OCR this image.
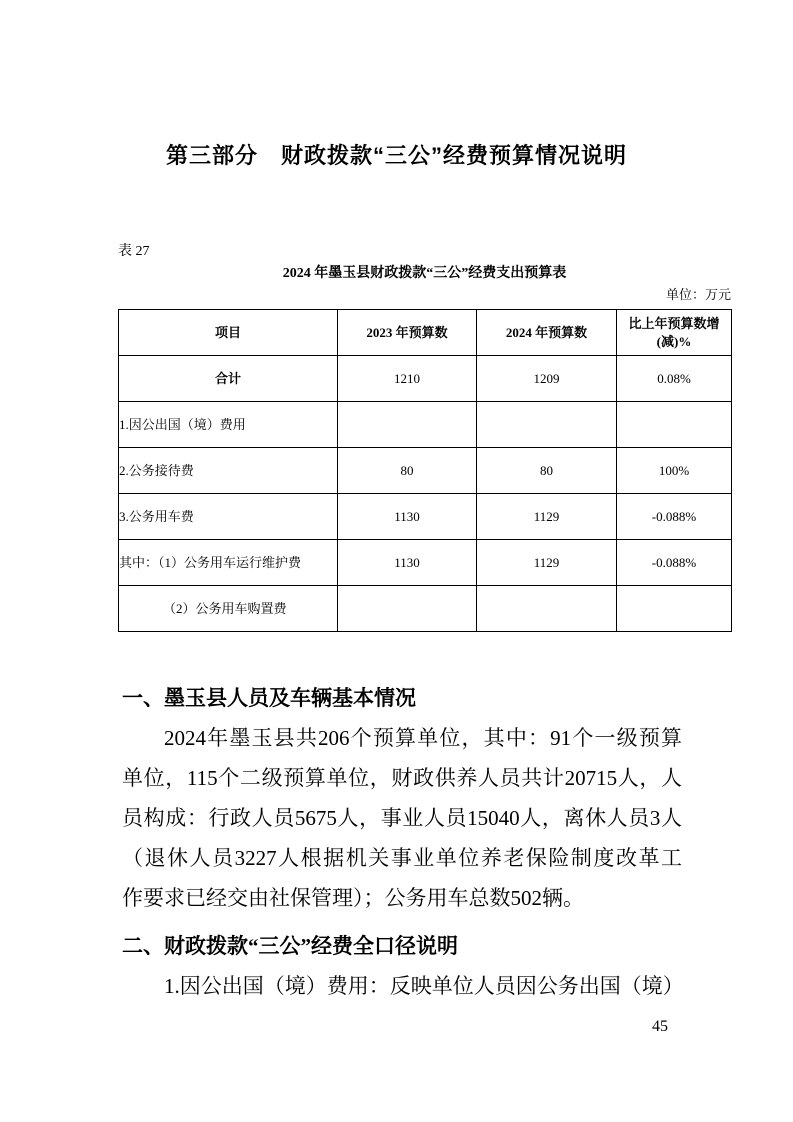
第三部分　财政拨款“三公”经费预算情况说明
表 27
2024 年墨玉县财政拨款“三公”经费支出预算表
单位：万元
项目	2023 年预算数	2024 年预算数	比上年预算数增(减)%
合计	1210	1209	0.08%
1.因公出国（境）费用			
2.公务接待费	80	80	100%
3.公务用车费	1130	1129	-0.088%
其中：（1）公务用车运行维护费	1130	1129	-0.088%
（2）公务用车购置费			
一、墨玉县人员及车辆基本情况
2024年墨玉县共206个预算单位，其中：91个一级预算
单位，115个二级预算单位，财政供养人员共计20715人，人
员构成：行政人员5675人，事业人员15040人，离休人员3人
（退休人员3227人根据机关事业单位养老保险制度改革工
作要求已经交由社保管理）；公务用车总数502辆。
二、财政拨款“三公”经费全口径说明
1.因公出国（境）费用：反映单位人员因公务出国（境）
45
